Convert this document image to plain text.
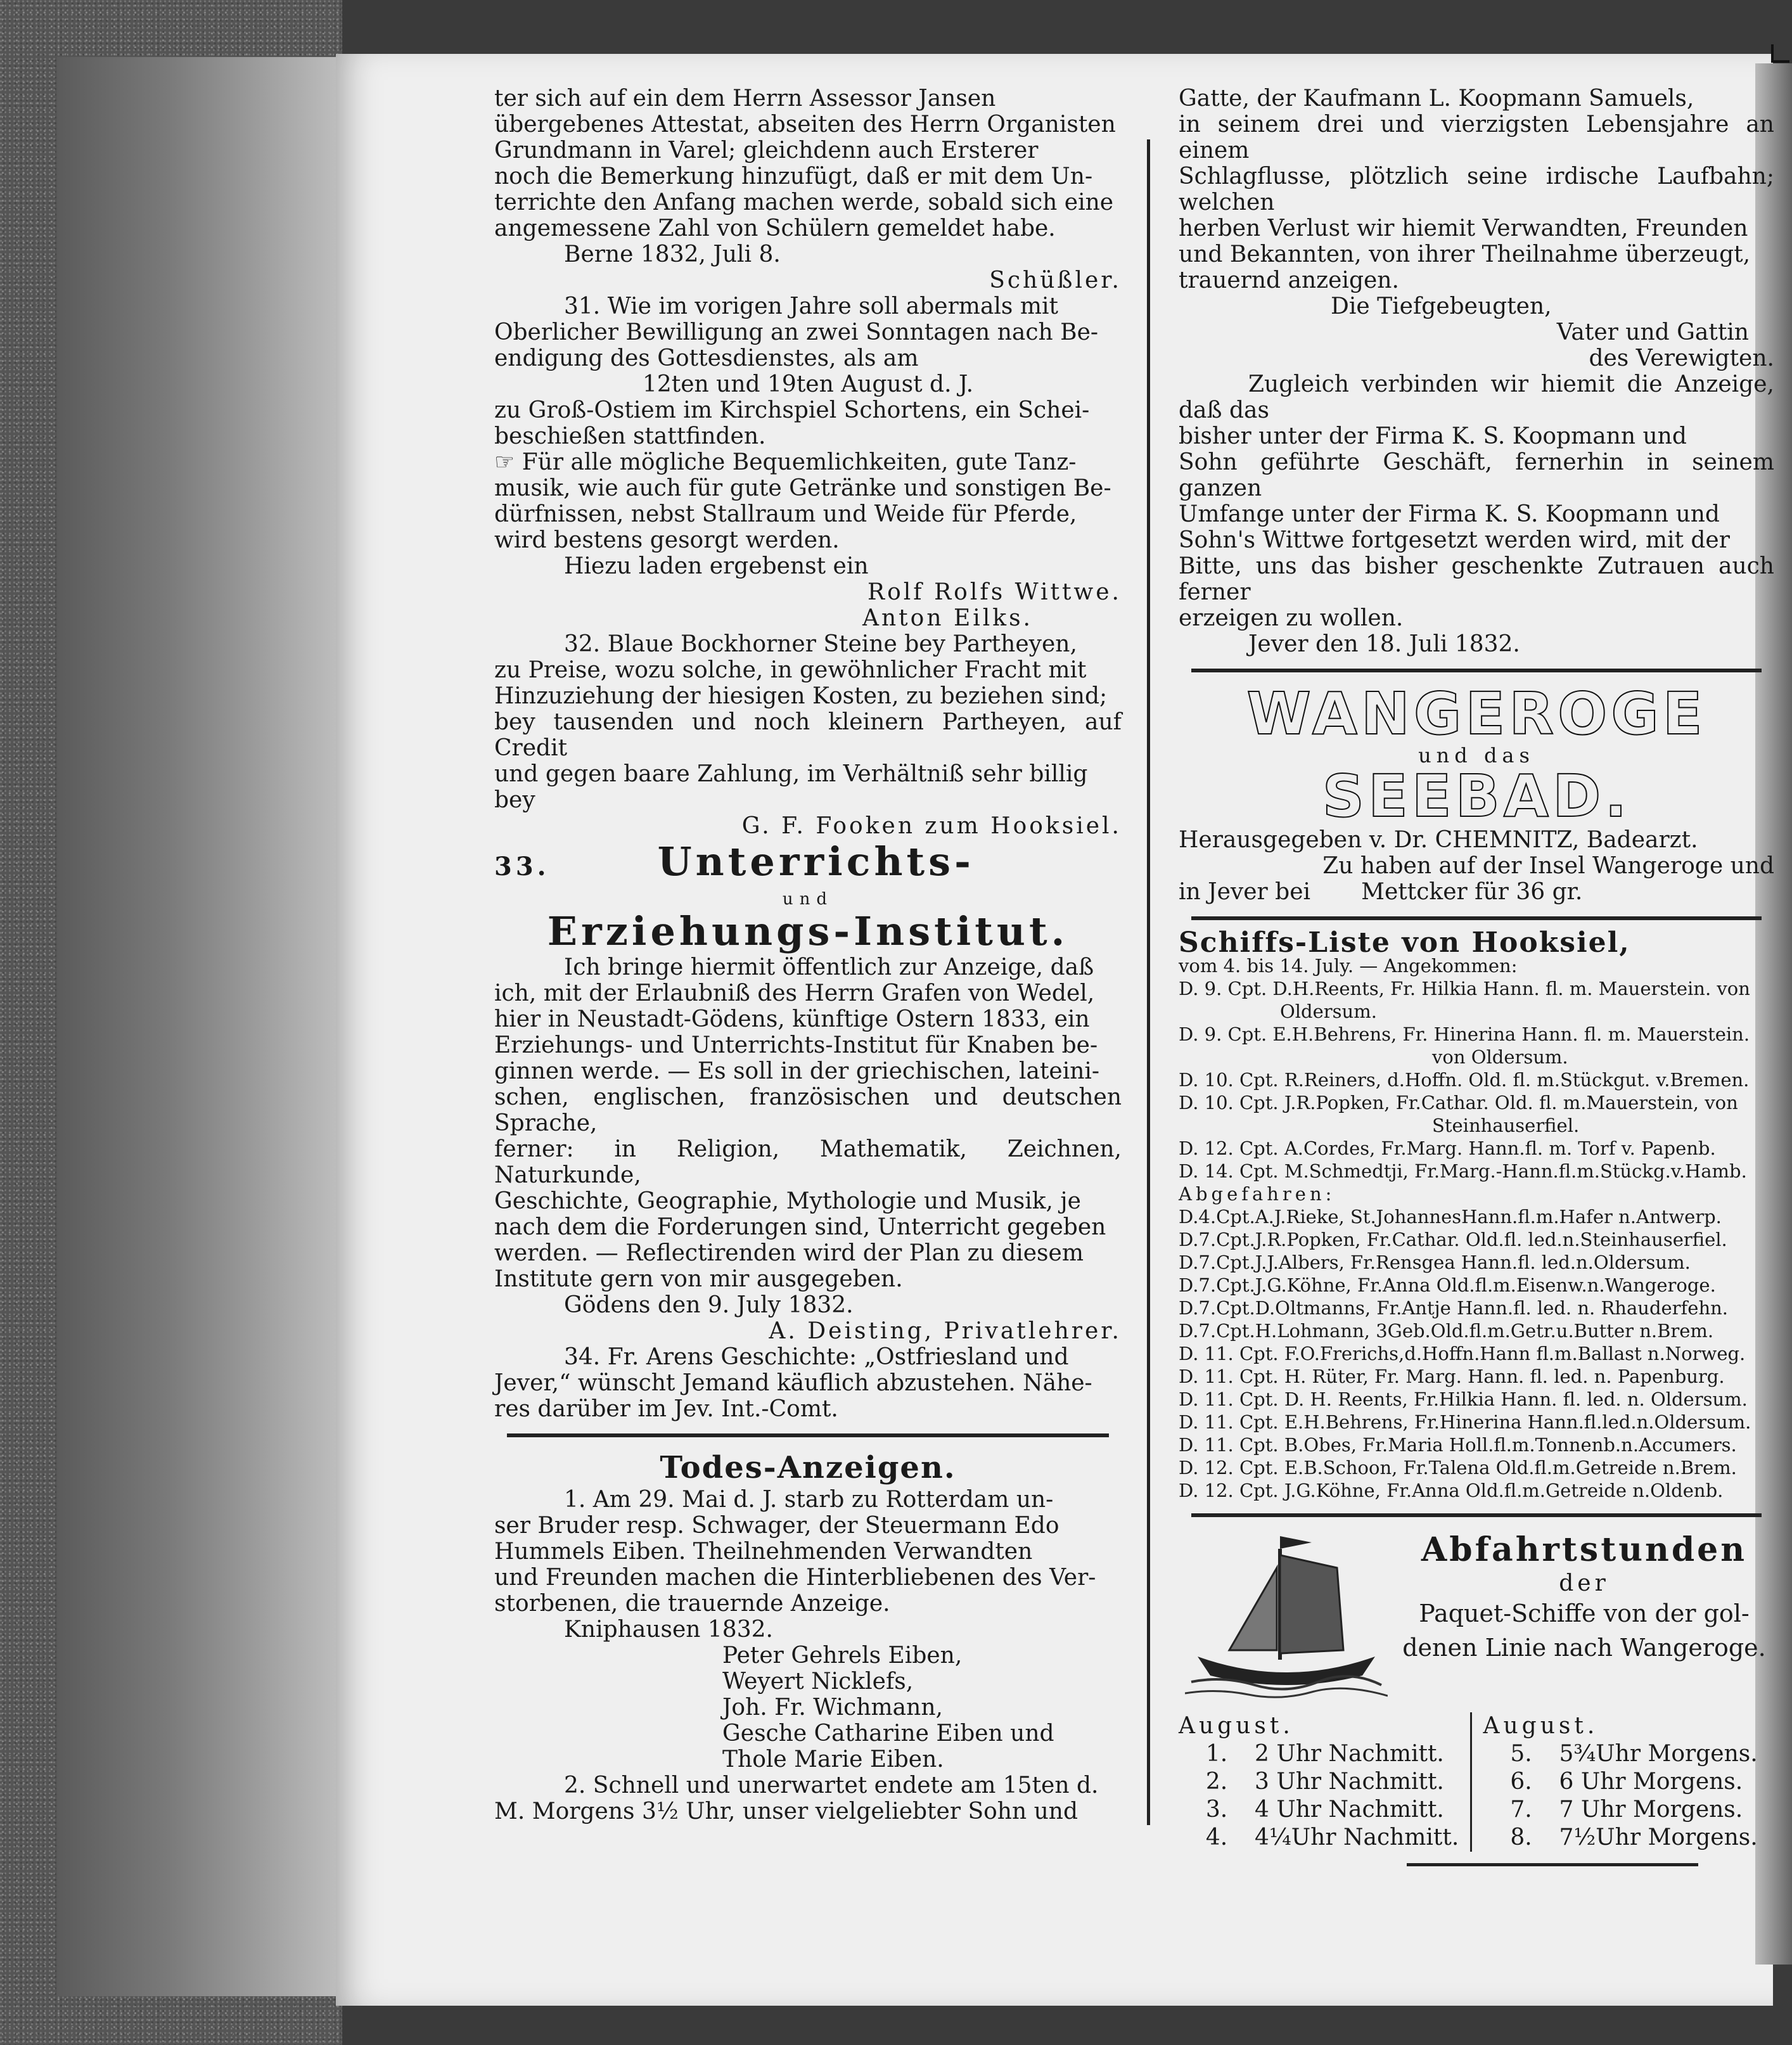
ter sich auf ein dem Herrn Assessor Jansen

übergebenes Attestat, abseiten des Herrn Organisten

Grundmann in Varel; gleichdenn auch Ersterer

noch die Bemerkung hinzufügt, daß er mit dem Un-

terrichte den Anfang machen werde, sobald sich eine

angemessene Zahl von Schülern gemeldet habe.

Berne 1832, Juli 8.

Schüßler.

31. Wie im vorigen Jahre soll abermals mit

Oberlicher Bewilligung an zwei Sonntagen nach Be-

endigung des Gottesdienstes, als am

12ten und 19ten August d. J.

zu Groß-Ostiem im Kirchspiel Schortens, ein Schei-

beschießen stattfinden.

☞ Für alle mögliche Bequemlichkeiten, gute Tanz-

musik, wie auch für gute Getränke und sonstigen Be-

dürfnissen, nebst Stallraum und Weide für Pferde,

wird bestens gesorgt werden.

Hiezu laden ergebenst ein

Rolf Rolfs Wittwe.

Anton Eilks.

32. Blaue Bockhorner Steine bey Partheyen,

zu Preise, wozu solche, in gewöhnlicher Fracht mit

Hinzuziehung der hiesigen Kosten, zu beziehen sind;

bey tausenden und noch kleinern Partheyen, auf Credit

und gegen baare Zahlung, im Verhältniß sehr billig

bey

G. F. Fooken zum Hooksiel.

33.	Unterrichts-

und

Erziehungs-Institut.

Ich bringe hiermit öffentlich zur Anzeige, daß

ich, mit der Erlaubniß des Herrn Grafen von Wedel,

hier in Neustadt-Gödens, künftige Ostern 1833, ein

Erziehungs- und Unterrichts-Institut für Knaben be-

ginnen werde. — Es soll in der griechischen, lateini-

schen, englischen, französischen und deutschen Sprache,

ferner: in Religion, Mathematik, Zeichnen, Naturkunde,

Geschichte, Geographie, Mythologie und Musik, je

nach dem die Forderungen sind, Unterricht gegeben

werden. — Reflectirenden wird der Plan zu diesem

Institute gern von mir ausgegeben.

Gödens den 9. July 1832.

A. Deisting, Privatlehrer.

34. Fr. Arens Geschichte: „Ostfriesland und

Jever,“ wünscht Jemand käuflich abzustehen. Nähe-

res darüber im Jev. Int.-Comt.

Todes-Anzeigen.

1. Am 29. Mai d. J. starb zu Rotterdam un-

ser Bruder resp. Schwager, der Steuermann Edo

Hummels Eiben. Theilnehmenden Verwandten

und Freunden machen die Hinterbliebenen des Ver-

storbenen, die trauernde Anzeige.

Kniphausen 1832.

Peter Gehrels Eiben,

Weyert Nicklefs,

Joh. Fr. Wichmann,

Gesche Catharine Eiben und

Thole Marie Eiben.

2. Schnell und unerwartet endete am 15ten d.

M. Morgens 3½ Uhr, unser vielgeliebter Sohn und

Gatte, der Kaufmann L. Koopmann Samuels,

in seinem drei und vierzigsten Lebensjahre an einem

Schlagflusse, plötzlich seine irdische Laufbahn; welchen

herben Verlust wir hiemit Verwandten, Freunden

und Bekannten, von ihrer Theilnahme überzeugt,

trauernd anzeigen.

Die Tiefgebeugten,

Vater und Gattin

des Verewigten.

Zugleich verbinden wir hiemit die Anzeige, daß das

bisher unter der Firma K. S. Koopmann und

Sohn geführte Geschäft, fernerhin in seinem ganzen

Umfange unter der Firma K. S. Koopmann und

Sohn's Wittwe fortgesetzt werden wird, mit der

Bitte, uns das bisher geschenkte Zutrauen auch ferner

erzeigen zu wollen.

Jever den 18. Juli 1832.

WANGEROGE

und das

SEEBAD.

Herausgegeben v. Dr. CHEMNITZ, Badearzt.

Zu haben auf der Insel Wangeroge und

in Jever bei       Mettcker für 36 gr.

Schiffs-Liste von Hooksiel,

vom 4. bis 14. July. — Angekommen:

D. 9. Cpt. D.H.Reents, Fr. Hilkia Hann. fl. m. Mauerstein. von

Oldersum.

D. 9. Cpt. E.H.Behrens, Fr. Hinerina Hann. fl. m. Mauerstein.

von Oldersum.

D. 10. Cpt. R.Reiners, d.Hoffn. Old. fl. m.Stückgut. v.Bremen.

D. 10. Cpt. J.R.Popken, Fr.Cathar. Old. fl. m.Mauerstein, von

Steinhauserfiel.

D. 12. Cpt. A.Cordes, Fr.Marg. Hann.fl. m. Torf v. Papenb.

D. 14. Cpt. M.Schmedtji, Fr.Marg.-Hann.fl.m.Stückg.v.Hamb.

Abgefahren:

D.4.Cpt.A.J.Rieke, St.JohannesHann.fl.m.Hafer n.Antwerp.

D.7.Cpt.J.R.Popken, Fr.Cathar. Old.fl. led.n.Steinhauserfiel.

D.7.Cpt.J.J.Albers, Fr.Rensgea Hann.fl. led.n.Oldersum.

D.7.Cpt.J.G.Köhne, Fr.Anna Old.fl.m.Eisenw.n.Wangeroge.

D.7.Cpt.D.Oltmanns, Fr.Antje Hann.fl. led. n. Rhauderfehn.

D.7.Cpt.H.Lohmann, 3Geb.Old.fl.m.Getr.u.Butter n.Brem.

D. 11. Cpt. F.O.Frerichs,d.Hoffn.Hann fl.m.Ballast n.Norweg.

D. 11. Cpt. H. Rüter, Fr. Marg. Hann. fl. led. n. Papenburg.

D. 11. Cpt. D. H. Reents, Fr.Hilkia Hann. fl. led. n. Oldersum.

D. 11. Cpt. E.H.Behrens, Fr.Hinerina Hann.fl.led.n.Oldersum.

D. 11. Cpt. B.Obes, Fr.Maria Holl.fl.m.Tonnenb.n.Accumers.

D. 12. Cpt. E.B.Schoon, Fr.Talena Old.fl.m.Getreide n.Brem.

D. 12. Cpt. J.G.Köhne, Fr.Anna Old.fl.m.Getreide n.Oldenb.

Abfahrtstunden

der

Paquet-Schiffe von der gol-

denen Linie nach Wangeroge.

August.

1.	2 Uhr Nachmitt.
2.	3 Uhr Nachmitt.
3.	4 Uhr Nachmitt.
4.	4¼Uhr Nachmitt.

August.

5.	5¾Uhr Morgens.
6.	6 Uhr Morgens.
7.	7 Uhr Morgens.
8.	7½Uhr Morgens.
